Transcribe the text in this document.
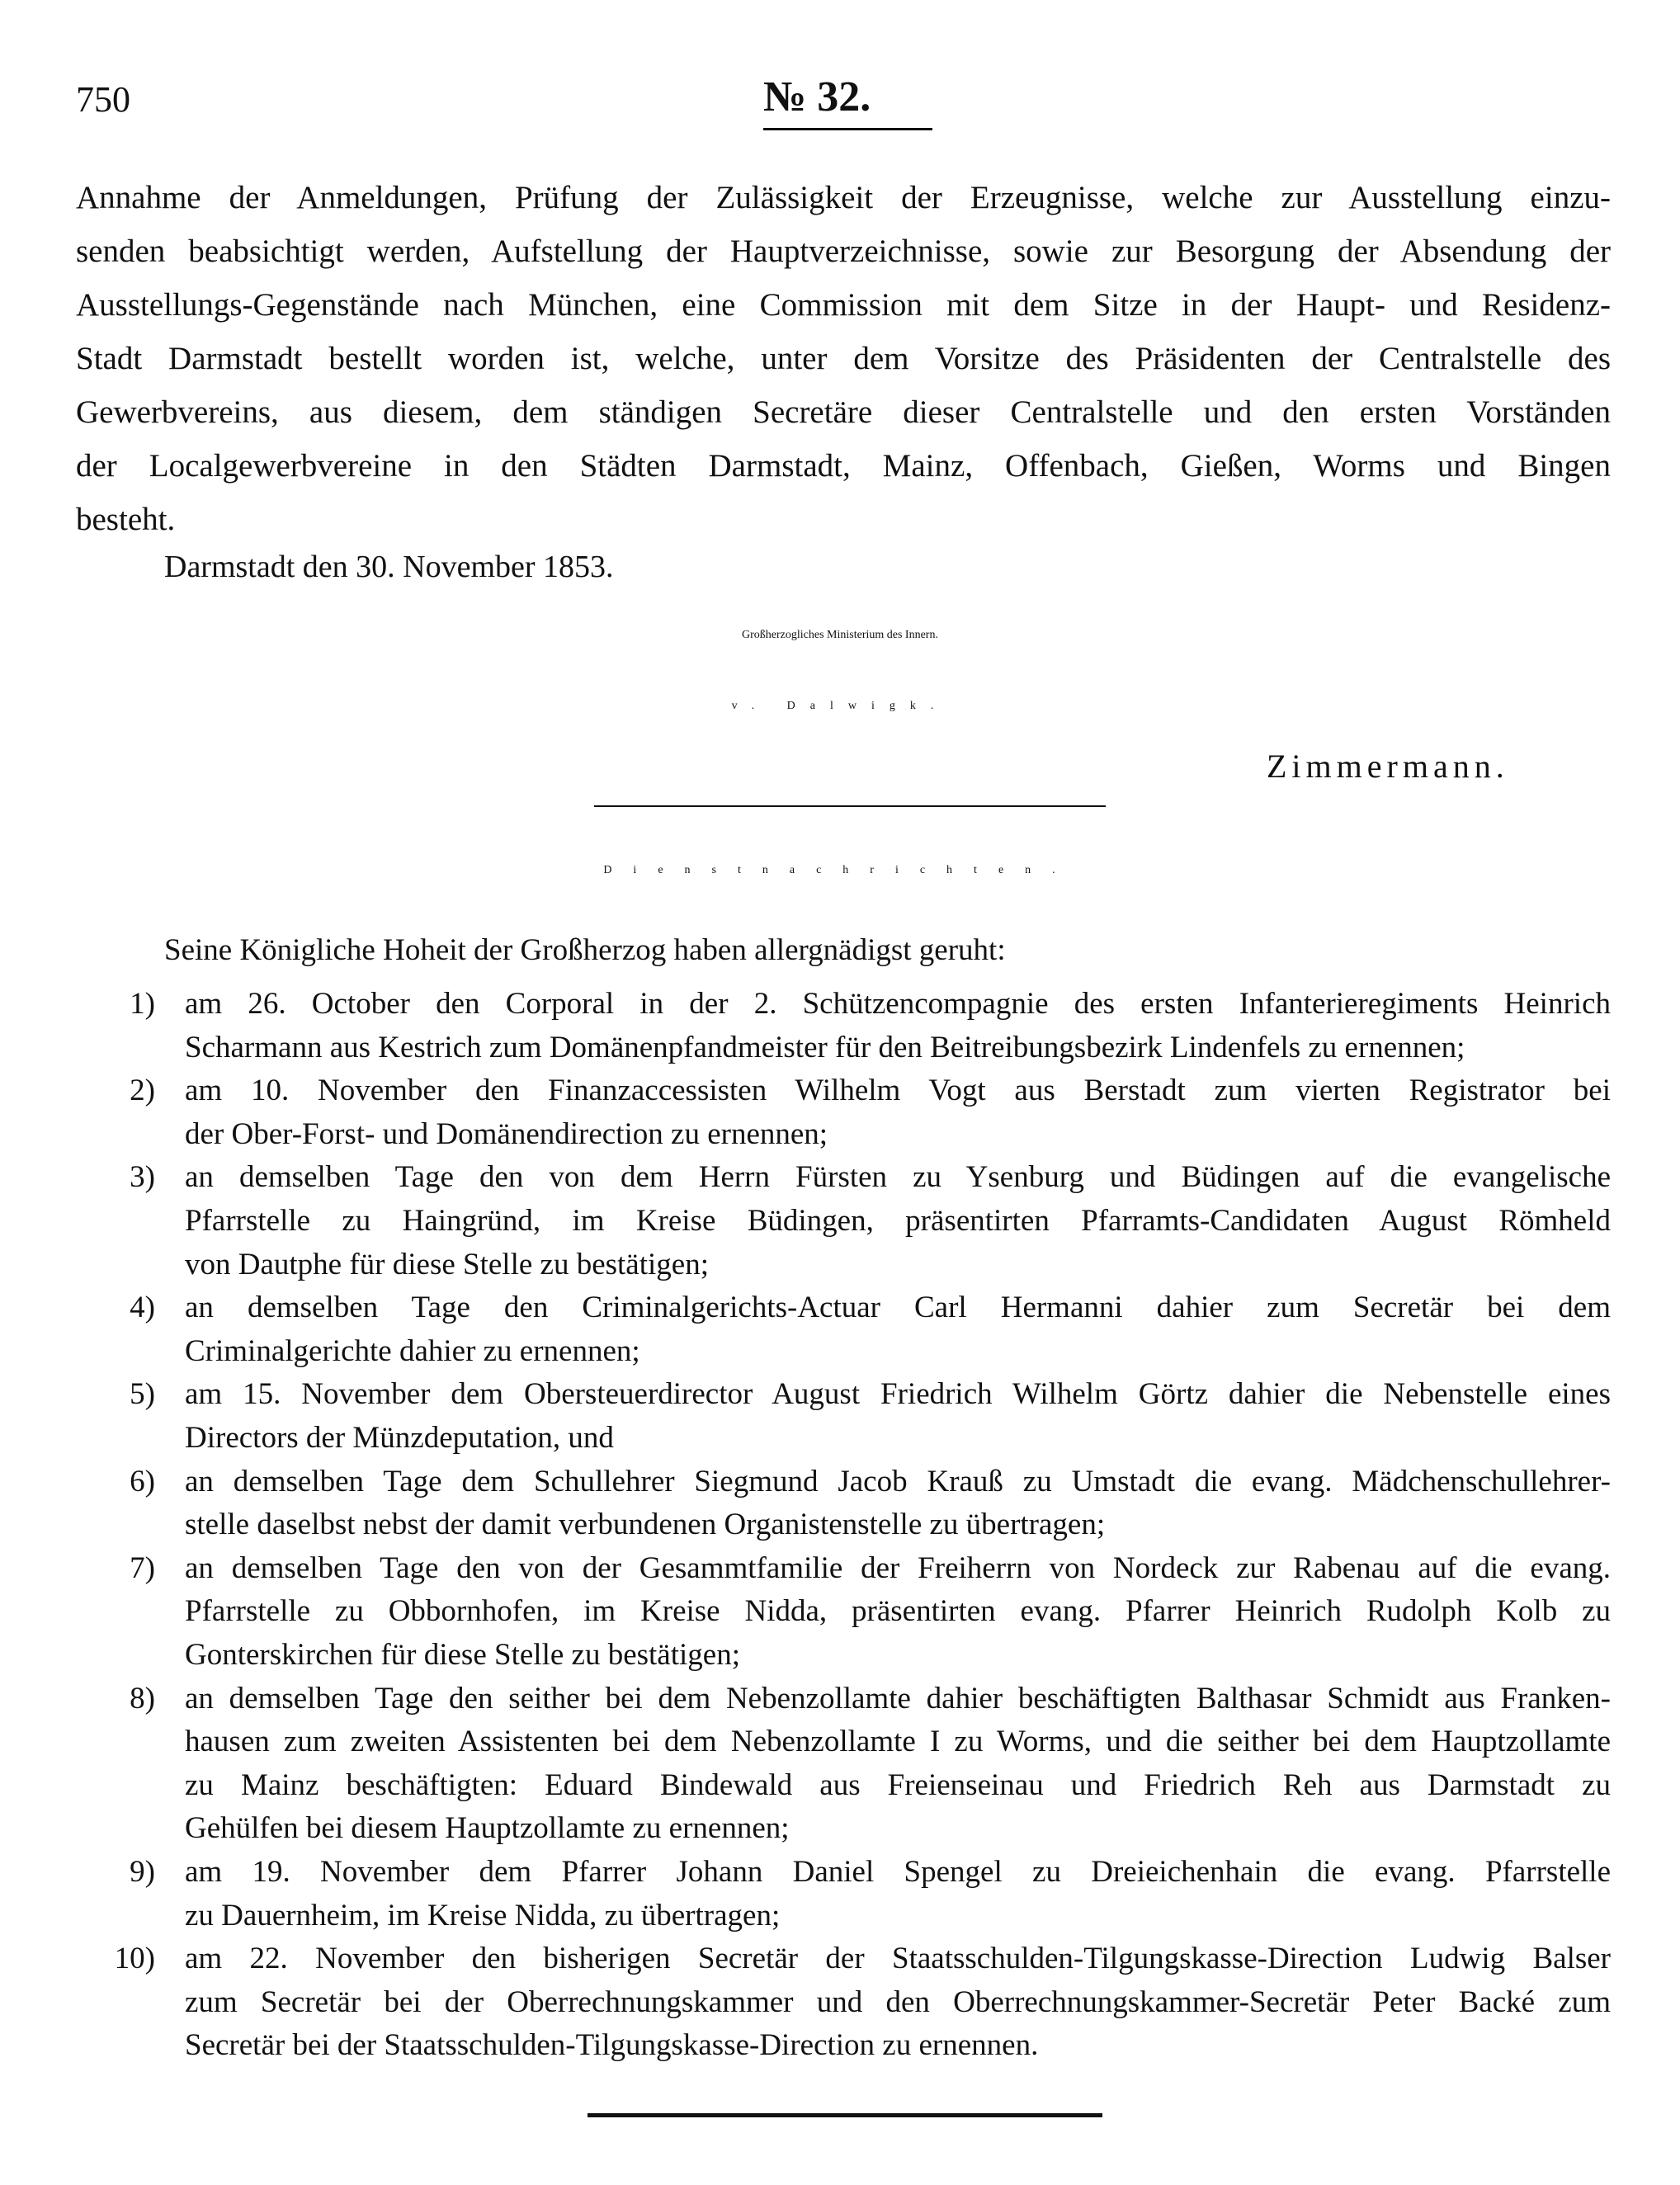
750	№ 32.
Annahme der Anmeldungen, Prüfung der Zulässigkeit der Erzeugnisse, welche zur Ausstellung einzu-
senden beabsichtigt werden, Aufstellung der Hauptverzeichnisse, sowie zur Besorgung der Absendung der
Ausstellungs-Gegenstände nach München, eine Commission mit dem Sitze in der Haupt- und Residenz-
Stadt Darmstadt bestellt worden ist, welche, unter dem Vorsitze des Präsidenten der Centralstelle des
Gewerbvereins, aus diesem, dem ständigen Secretäre dieser Centralstelle und den ersten Vorständen
der Localgewerbvereine in den Städten Darmstadt, Mainz, Offenbach, Gießen, Worms und Bingen
besteht.
Darmstadt den 30. November 1853.
Großherzogliches Ministerium des Innern.
v. Dalwigk.
Zimmermann.
Dienstnachrichten.
Seine Königliche Hoheit der Großherzog haben allergnädigst geruht:
1) am 26. October den Corporal in der 2. Schützencompagnie des ersten Infanterieregiments Heinrich
Scharmann aus Kestrich zum Domänenpfandmeister für den Beitreibungsbezirk Lindenfels zu ernennen;
2) am 10. November den Finanzaccessisten Wilhelm Vogt aus Berstadt zum vierten Registrator bei
der Ober-Forst- und Domänendirection zu ernennen;
3) an demselben Tage den von dem Herrn Fürsten zu Ysenburg und Büdingen auf die evangelische
Pfarrstelle zu Haingründ, im Kreise Büdingen, präsentirten Pfarramts-Candidaten August Römheld
von Dautphe für diese Stelle zu bestätigen;
4) an demselben Tage den Criminalgerichts-Actuar Carl Hermanni dahier zum Secretär bei dem
Criminalgerichte dahier zu ernennen;
5) am 15. November dem Obersteuerdirector August Friedrich Wilhelm Görtz dahier die Nebenstelle eines
Directors der Münzdeputation, und
6) an demselben Tage dem Schullehrer Siegmund Jacob Krauß zu Umstadt die evang. Mädchenschullehrer-
stelle daselbst nebst der damit verbundenen Organistenstelle zu übertragen;
7) an demselben Tage den von der Gesammtfamilie der Freiherrn von Nordeck zur Rabenau auf die evang.
Pfarrstelle zu Obbornhofen, im Kreise Nidda, präsentirten evang. Pfarrer Heinrich Rudolph Kolb zu
Gonterskirchen für diese Stelle zu bestätigen;
8) an demselben Tage den seither bei dem Nebenzollamte dahier beschäftigten Balthasar Schmidt aus Franken-
hausen zum zweiten Assistenten bei dem Nebenzollamte I zu Worms, und die seither bei dem Hauptzollamte
zu Mainz beschäftigten: Eduard Bindewald aus Freienseinau und Friedrich Reh aus Darmstadt zu
Gehülfen bei diesem Hauptzollamte zu ernennen;
9) am 19. November dem Pfarrer Johann Daniel Spengel zu Dreieichenhain die evang. Pfarrstelle
zu Dauernheim, im Kreise Nidda, zu übertragen;
10) am 22. November den bisherigen Secretär der Staatsschulden-Tilgungskasse-Direction Ludwig Balser
zum Secretär bei der Oberrechnungskammer und den Oberrechnungskammer-Secretär Peter Backé zum
Secretär bei der Staatsschulden-Tilgungskasse-Direction zu ernennen.
